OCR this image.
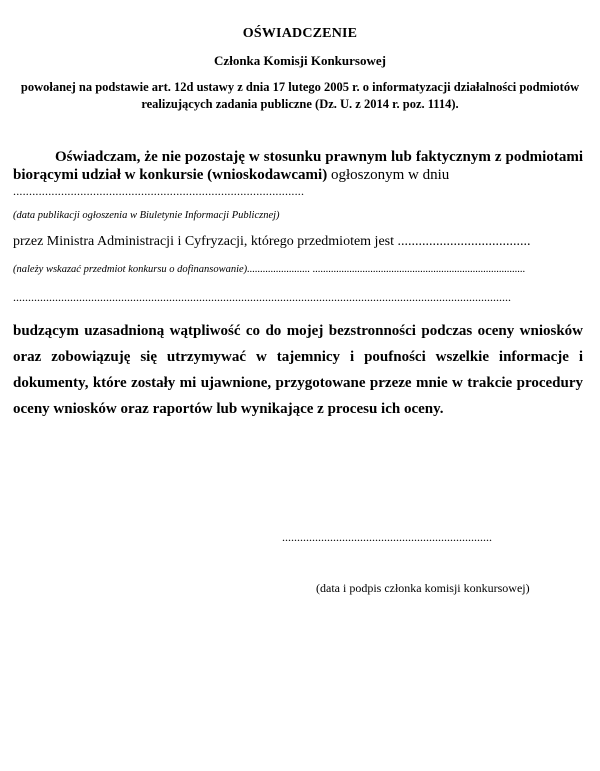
OŚWIADCZENIE
Członka Komisji Konkursowej
powołanej na podstawie art. 12d ustawy z dnia 17 lutego 2005 r. o informatyzacji działalności podmiotów realizujących zadania publiczne (Dz. U. z 2014 r. poz. 1114).

Oświadczam, że nie pozostaję w stosunku prawnym lub faktycznym z podmiotami biorącymi udział w konkursie (wnioskodawcami) ogłoszonym w dniu

...........................................................................................
(data publikacji ogłoszenia w Biuletynie Informacji Publicznej)
przez Ministra Administracji i Cyfryzacji, którego przedmiotem jest ......................................
(należy wskazać przedmiot konkursu o dofinansowanie)........................ .................................................................................
......................................................................................................................................................................

budzącym uzasadnioną wątpliwość co do mojej bezstronności podczas oceny wniosków oraz zobowiązuję się utrzymywać w tajemnicy i poufności wszelkie informacje i dokumenty, które zostały mi ujawnione, przygotowane przeze mnie w trakcie procedury oceny wniosków oraz raportów lub wynikające z procesu ich oceny.

......................................................................
(data i podpis członka komisji konkursowej)
